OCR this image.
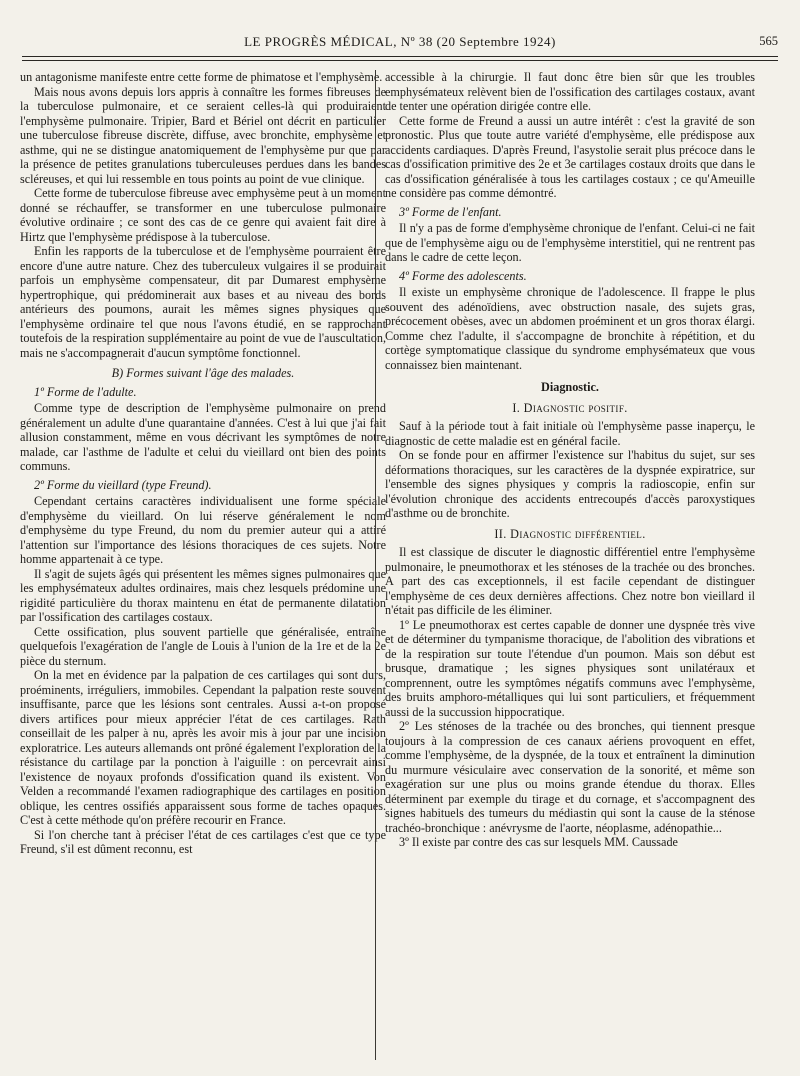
LE PROGRÈS MÉDICAL, Nº 38 (20 Septembre 1924)	565

un antagonisme manifeste entre cette forme de phimatose et l'emphysème.

Mais nous avons depuis lors appris à connaître les formes fibreuses de la tuberculose pulmonaire, et ce seraient celles-là qui produiraient l'emphysème pulmonaire. Tripier, Bard et Bériel ont décrit en particulier une tuberculose fibreuse discrète, diffuse, avec bronchite, emphysème et asthme, qui ne se distingue anatomiquement de l'emphysème pur que par la présence de petites granulations tuberculeuses perdues dans les bandes scléreuses, et qui lui ressemble en tous points au point de vue clinique.

Cette forme de tuberculose fibreuse avec emphysème peut à un moment donné se réchauffer, se transformer en une tuberculose pulmonaire évolutive ordinaire ; ce sont des cas de ce genre qui avaient fait dire à Hirtz que l'emphysème prédispose à la tuberculose.

Enfin les rapports de la tuberculose et de l'emphysème pourraient être encore d'une autre nature. Chez des tuberculeux vulgaires il se produirait parfois un emphysème compensateur, dit par Dumarest emphysème hypertrophique, qui prédominerait aux bases et au niveau des bords antérieurs des poumons, aurait les mêmes signes physiques que l'emphysème ordinaire tel que nous l'avons étudié, en se rapprochant toutefois de la respiration supplémentaire au point de vue de l'auscultation, mais ne s'accompagnerait d'aucun symptôme fonctionnel.

B) Formes suivant l'âge des malades.

1º Forme de l'adulte.

Comme type de description de l'emphysème pulmonaire on prend généralement un adulte d'une quarantaine d'années. C'est à lui que j'ai fait allusion constamment, même en vous décrivant les symptômes de notre malade, car l'asthme de l'adulte et celui du vieillard ont bien des points communs.

2º Forme du vieillard (type Freund).

Cependant certains caractères individualisent une forme spéciale d'emphysème du vieillard. On lui réserve généralement le nom d'emphysème du type Freund, du nom du premier auteur qui a attiré l'attention sur l'importance des lésions thoraciques de ces sujets. Notre homme appartenait à ce type.

Il s'agit de sujets âgés qui présentent les mêmes signes pulmonaires que les emphysémateux adultes ordinaires, mais chez lesquels prédomine une rigidité particulière du thorax maintenu en état de permanente dilatation par l'ossification des cartilages costaux.

Cette ossification, plus souvent partielle que généralisée, entraîne quelquefois l'exagération de l'angle de Louis à l'union de la 1re et de la 2e pièce du sternum.

On la met en évidence par la palpation de ces cartilages qui sont durs, proéminents, irréguliers, immobiles. Cependant la palpation reste souvent insuffisante, parce que les lésions sont centrales. Aussi a-t-on proposé divers artifices pour mieux apprécier l'état de ces cartilages. Rath conseillait de les palper à nu, après les avoir mis à jour par une incision exploratrice. Les auteurs allemands ont prôné également l'exploration de la résistance du cartilage par la ponction à l'aiguille : on percevrait ainsi l'existence de noyaux profonds d'ossification quand ils existent. Von Velden a recommandé l'examen radiographique des cartilages en position oblique, les centres ossifiés apparaissent sous forme de taches opaques. C'est à cette méthode qu'on préfère recourir en France.

Si l'on cherche tant à préciser l'état de ces cartilages c'est que ce type Freund, s'il est dûment reconnu, est

accessible à la chirurgie. Il faut donc être bien sûr que les troubles emphysémateux relèvent bien de l'ossification des cartilages costaux, avant de tenter une opération dirigée contre elle.

Cette forme de Freund a aussi un autre intérêt : c'est la gravité de son pronostic. Plus que toute autre variété d'emphysème, elle prédispose aux accidents cardiaques. D'après Freund, l'asystolie serait plus précoce dans le cas d'ossification primitive des 2e et 3e cartilages costaux droits que dans le cas d'ossification généralisée à tous les cartilages costaux ; ce qu'Ameuille ne considère pas comme démontré.

3º Forme de l'enfant.

Il n'y a pas de forme d'emphysème chronique de l'enfant. Celui-ci ne fait que de l'emphysème aigu ou de l'emphysème interstitiel, qui ne rentrent pas dans le cadre de cette leçon.

4º Forme des adolescents.

Il existe un emphysème chronique de l'adolescence. Il frappe le plus souvent des adénoïdiens, avec obstruction nasale, des sujets gras, précocement obèses, avec un abdomen proéminent et un gros thorax élargi. Comme chez l'adulte, il s'accompagne de bronchite à répétition, et du cortège symptomatique classique du syndrome emphysémateux que vous connaissez bien maintenant.

Diagnostic.

I. Diagnostic positif.

Sauf à la période tout à fait initiale où l'emphysème passe inaperçu, le diagnostic de cette maladie est en général facile.

On se fonde pour en affirmer l'existence sur l'habitus du sujet, sur ses déformations thoraciques, sur les caractères de la dyspnée expiratrice, sur l'ensemble des signes physiques y compris la radioscopie, enfin sur l'évolution chronique des accidents entrecoupés d'accès paroxystiques d'asthme ou de bronchite.

II. Diagnostic différentiel.

Il est classique de discuter le diagnostic différentiel entre l'emphysème pulmonaire, le pneumothorax et les sténoses de la trachée ou des bronches. A part des cas exceptionnels, il est facile cependant de distinguer l'emphysème de ces deux dernières affections. Chez notre bon vieillard il n'était pas difficile de les éliminer.

1º Le pneumothorax est certes capable de donner une dyspnée très vive et de déterminer du tympanisme thoracique, de l'abolition des vibrations et de la respiration sur toute l'étendue d'un poumon. Mais son début est brusque, dramatique ; les signes physiques sont unilatéraux et comprennent, outre les symptômes négatifs communs avec l'emphysème, des bruits amphoro-métalliques qui lui sont particuliers, et fréquemment aussi de la succussion hippocratique.

2º Les sténoses de la trachée ou des bronches, qui tiennent presque toujours à la compression de ces canaux aériens provoquent en effet, comme l'emphysème, de la dyspnée, de la toux et entraînent la diminution du murmure vésiculaire avec conservation de la sonorité, et même son exagération sur une plus ou moins grande étendue du thorax. Elles déterminent par exemple du tirage et du cornage, et s'accompagnent des signes habituels des tumeurs du médiastin qui sont la cause de la sténose trachéo-bronchique : anévrysme de l'aorte, néoplasme, adénopathie...

3º Il existe par contre des cas sur lesquels MM. Caussade
